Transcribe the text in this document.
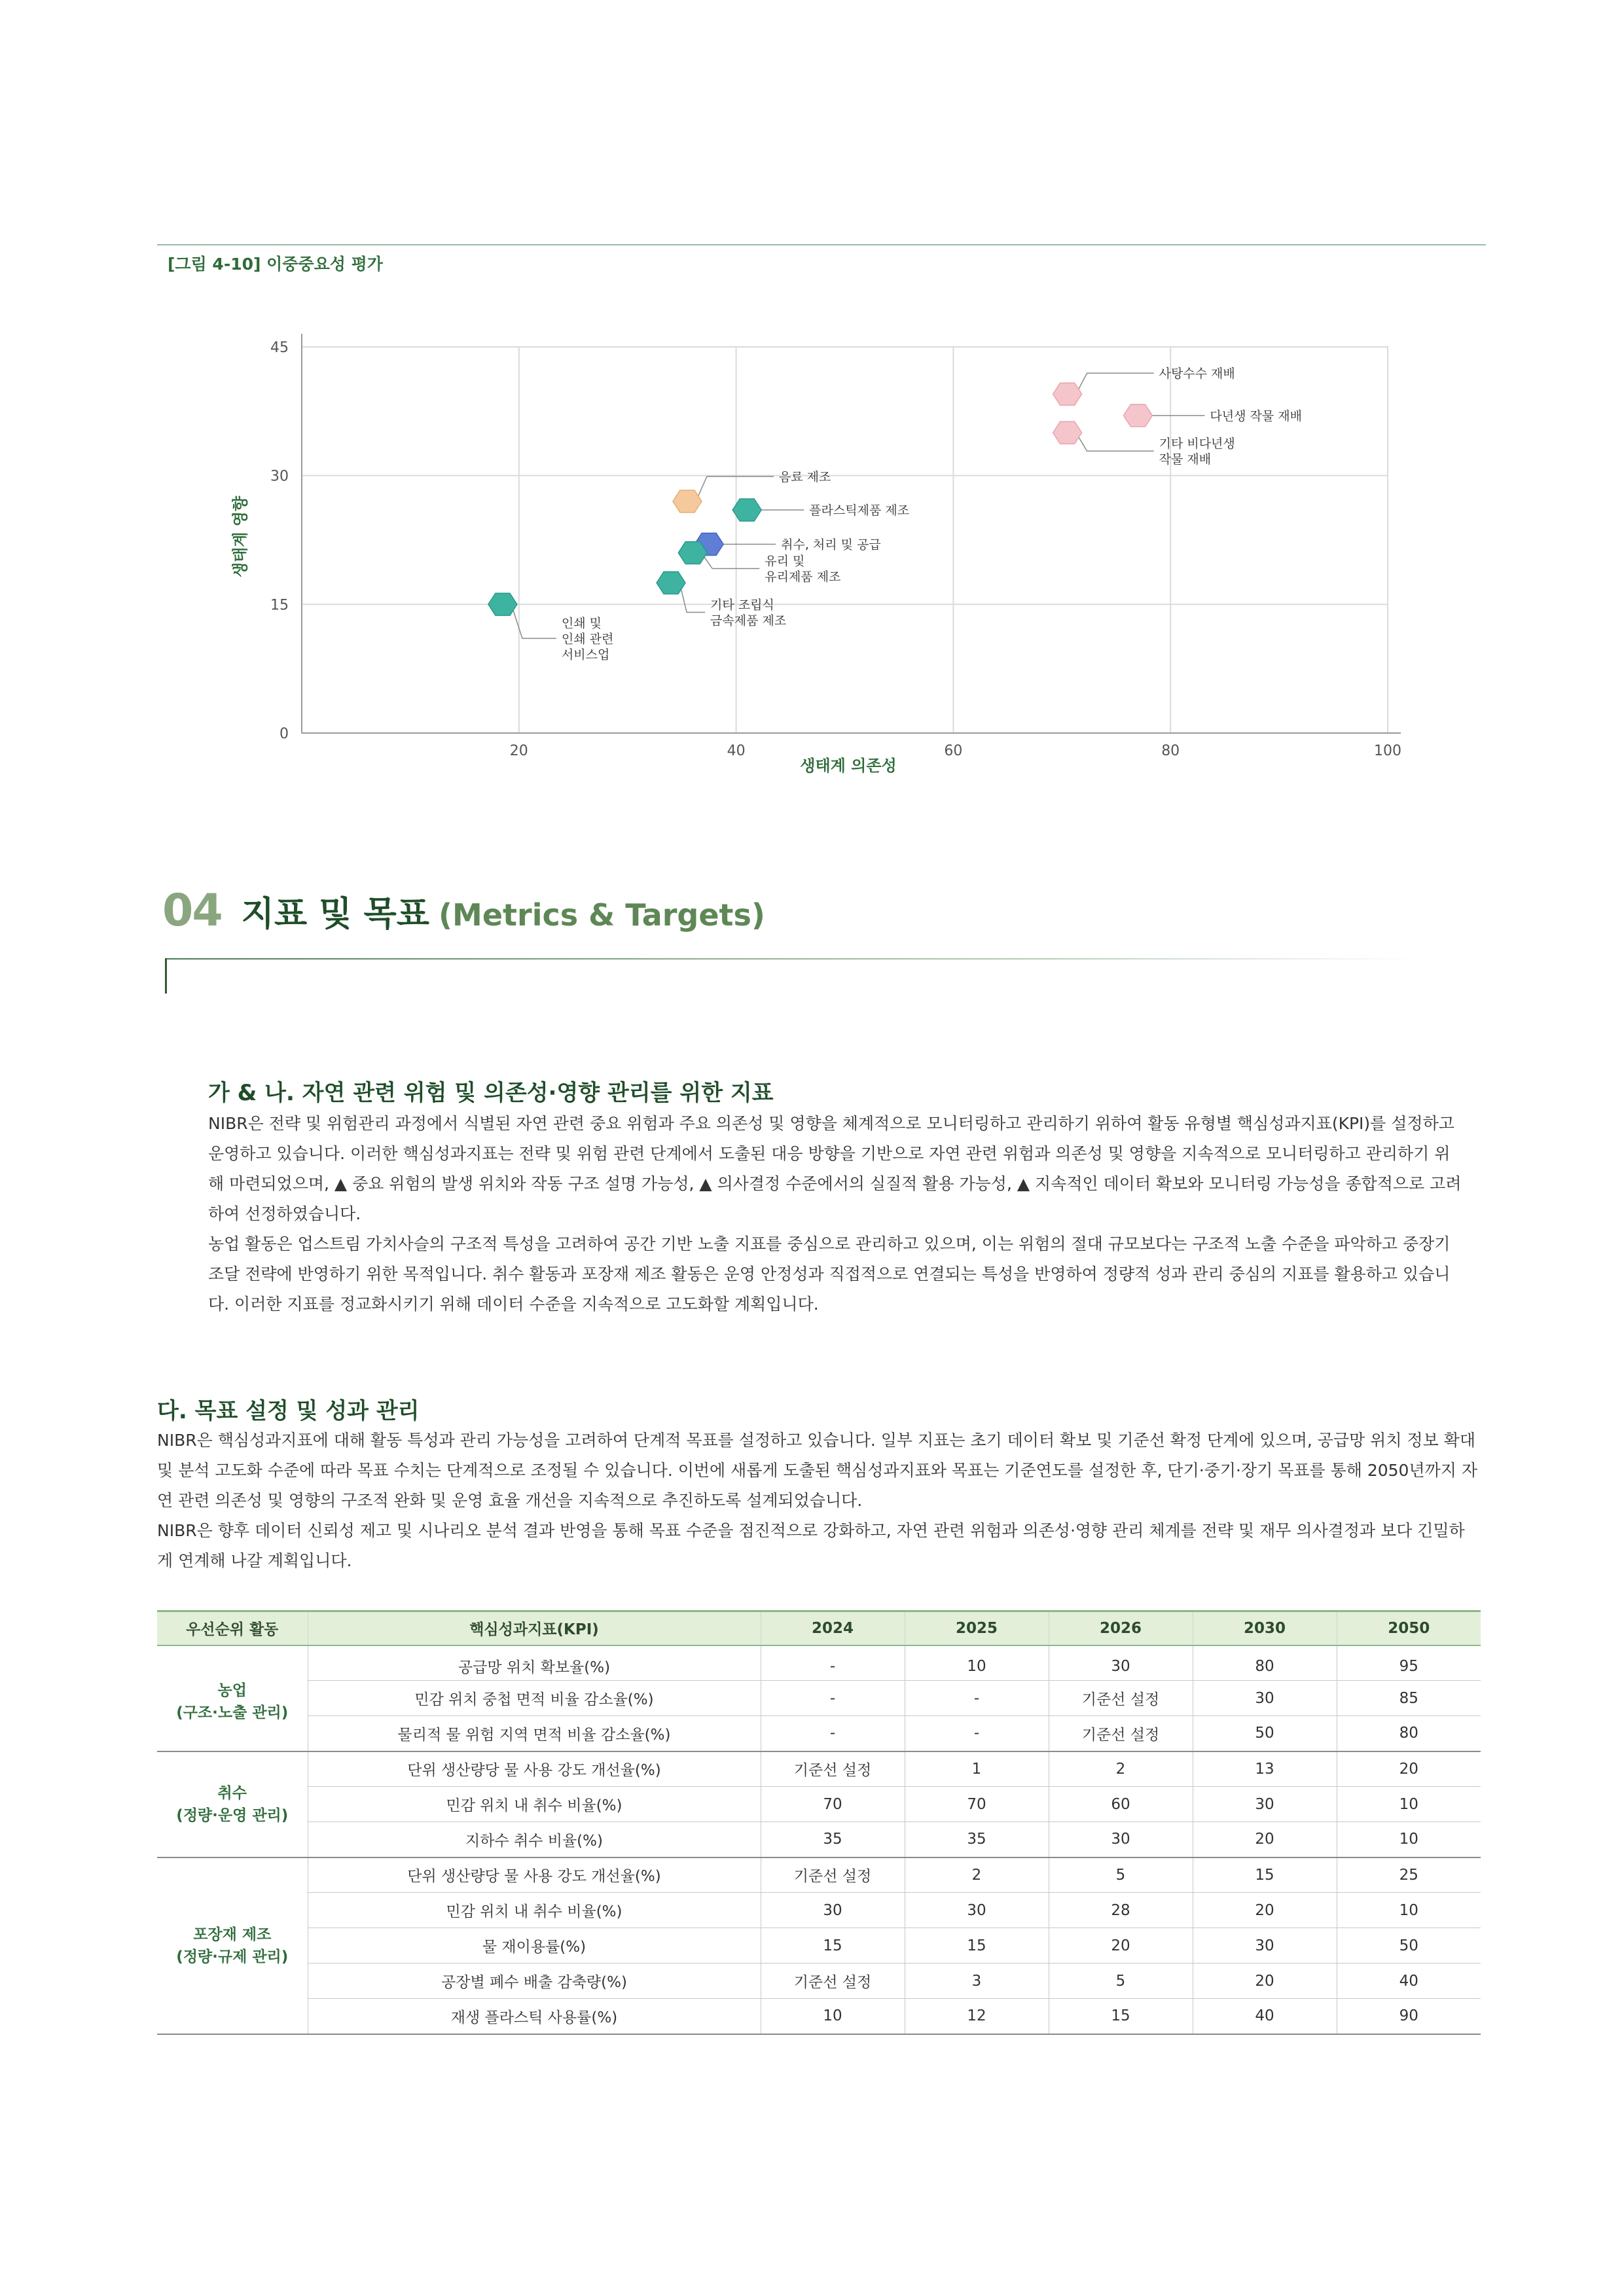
[그림 4-10] 이중중요성 평가
20	40	60	80	100
0
15
30
45
사탕수수 재배
다년생 작물 재배
기타 비다년생 작물 재배
음료 제조
플라스틱제품 제조
취수, 처리 및 공급
유리 및 유리제품 제조
기타 조립식 금속제품 제조
인쇄 및 인쇄 관련 서비스업
생태계 의존성
생태계 영향
04 지표 및 목표 (Metrics & Targets)
가 & 나. 자연 관련 위험 및 의존성·영향 관리를 위한 지표

NIBR은 전략 및 위험관리 과정에서 식별된 자연 관련 중요 위험과 주요 의존성 및 영향을 체계적으로 모니터링하고 관리하기 위하여 활동 유형별 핵심성과지표(KPI)를 설정하고 운영하고 있습니다. 이러한 핵심성과지표는 전략 및 위험 관련 단계에서 도출된 대응 방향을 기반으로 자연 관련 위험과 의존성 및 영향을 지속적으로 모니터링하고 관리하기 위해 마련되었으며, ▲ 중요 위험의 발생 위치와 작동 구조 설명 가능성, ▲ 의사결정 수준에서의 실질적 활용 가능성, ▲ 지속적인 데이터 확보와 모니터링 가능성을 종합적으로 고려하여 선정하였습니다.

농업 활동은 업스트림 가치사슬의 구조적 특성을 고려하여 공간 기반 노출 지표를 중심으로 관리하고 있으며, 이는 위험의 절대 규모보다는 구조적 노출 수준을 파악하고 중장기 조달 전략에 반영하기 위한 목적입니다. 취수 활동과 포장재 제조 활동은 운영 안정성과 직접적으로 연결되는 특성을 반영하여 정량적 성과 관리 중심의 지표를 활용하고 있습니다. 이러한 지표를 정교화시키기 위해 데이터 수준을 지속적으로 고도화할 계획입니다.

다. 목표 설정 및 성과 관리

NIBR은 핵심성과지표에 대해 활동 특성과 관리 가능성을 고려하여 단계적 목표를 설정하고 있습니다. 일부 지표는 초기 데이터 확보 및 기준선 확정 단계에 있으며, 공급망 위치 정보 확대 및 분석 고도화 수준에 따라 목표 수치는 단계적으로 조정될 수 있습니다. 이번에 새롭게 도출된 핵심성과지표와 목표는 기준연도를 설정한 후, 단기·중기·장기 목표를 통해 2050년까지 자연 관련 의존성 및 영향의 구조적 완화 및 운영 효율 개선을 지속적으로 추진하도록 설계되었습니다.

NIBR은 향후 데이터 신뢰성 제고 및 시나리오 분석 결과 반영을 통해 목표 수준을 점진적으로 강화하고, 자연 관련 위험과 의존성·영향 관리 체계를 전략 및 재무 의사결정과 보다 긴밀하게 연계해 나갈 계획입니다.

우선순위 활동	핵심성과지표(KPI)	2024	2025	2026	2030	2050
농업
(구조·노출 관리)	공급망 위치 확보율(%)	-	10	30	80	95
	민감 위치 중첩 면적 비율 감소율(%)	-	-	기준선 설정	30	85
	물리적 물 위험 지역 면적 비율 감소율(%)	-	-	기준선 설정	50	80
취수
(정량·운영 관리)	단위 생산량당 물 사용 강도 개선율(%)	기준선 설정	1	2	13	20
	민감 위치 내 취수 비율(%)	70	70	60	30	10
	지하수 취수 비율(%)	35	35	30	20	10
포장재 제조
(정량·규제 관리)	단위 생산량당 물 사용 강도 개선율(%)	기준선 설정	2	5	15	25
	민감 위치 내 취수 비율(%)	30	30	28	20	10
	물 재이용률(%)	15	15	20	30	50
	공장별 폐수 배출 감축량(%)	기준선 설정	3	5	20	40
	재생 플라스틱 사용률(%)	10	12	15	40	90
